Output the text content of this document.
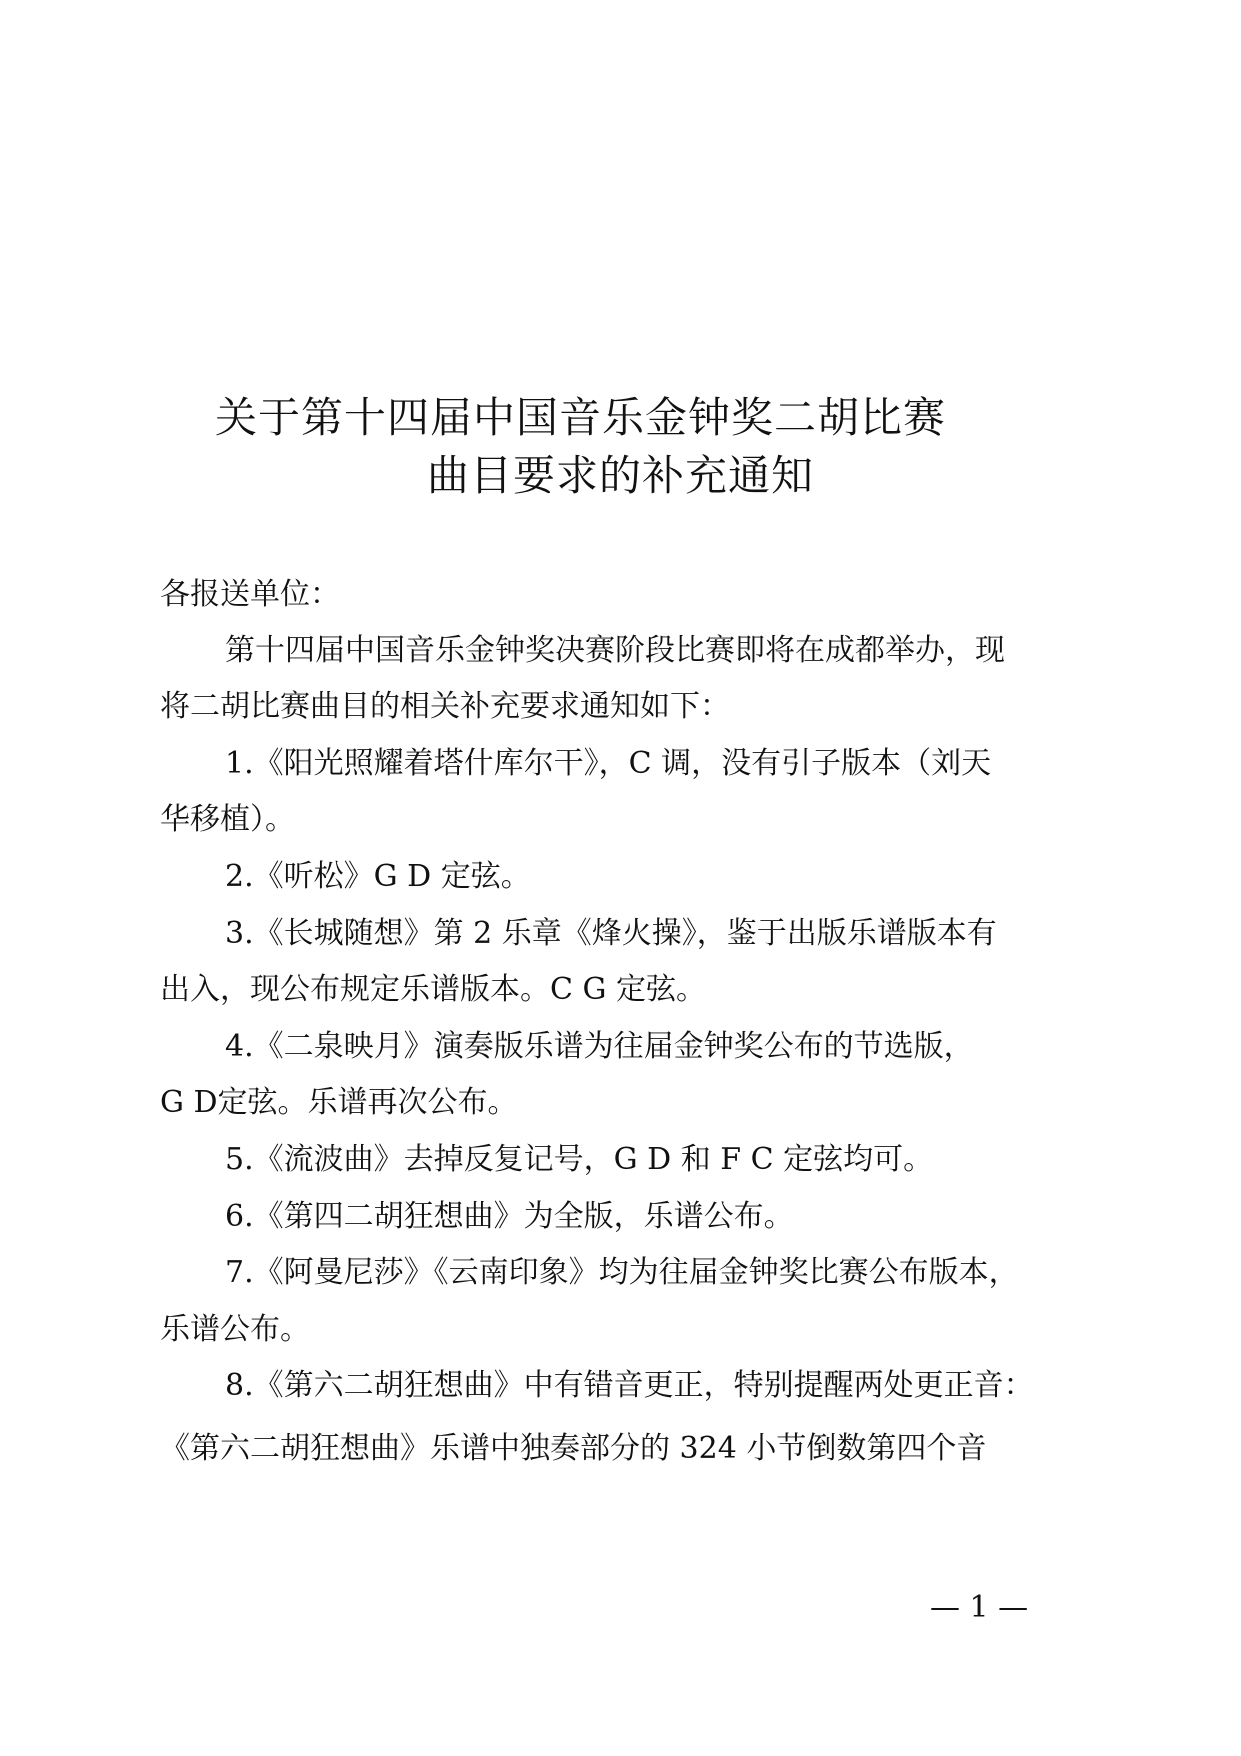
关于第十四届中国音乐金钟奖二胡比赛
曲目要求的补充通知
各报送单位：
第十四届中国音乐金钟奖决赛阶段比赛即将在成都举办，现
将二胡比赛曲目的相关补充要求通知如下：
1.《阳光照耀着塔什库尔干》，C 调，没有引子版本（刘天
华移植）。
2.《听松》G D 定弦。
3.《长城随想》第 2 乐章《烽火操》，鉴于出版乐谱版本有
出入，现公布规定乐谱版本。C G 定弦。
4.《二泉映月》演奏版乐谱为往届金钟奖公布的节选版，
G D定弦。乐谱再次公布。
5.《流波曲》去掉反复记号，G D 和 F C 定弦均可。
6.《第四二胡狂想曲》为全版，乐谱公布。
7.《阿曼尼莎》《云南印象》均为往届金钟奖比赛公布版本，
乐谱公布。
8.《第六二胡狂想曲》中有错音更正，特别提醒两处更正音：
《第六二胡狂想曲》乐谱中独奏部分的 324 小节倒数第四个音
— 1 —
